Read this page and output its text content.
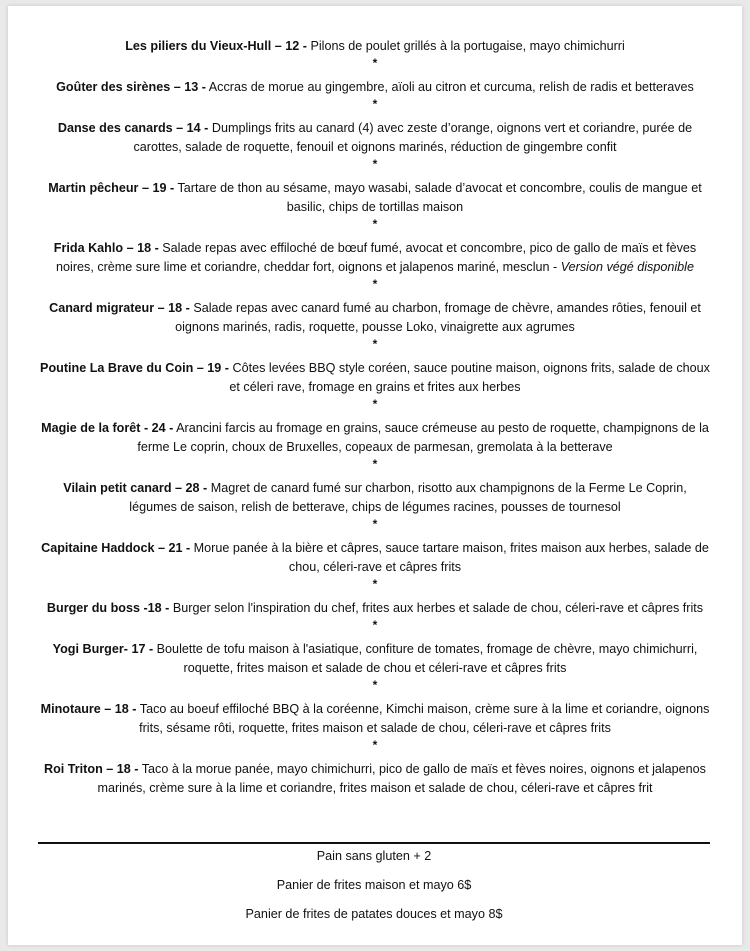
Les piliers du Vieux-Hull – 12 - Pilons de poulet grillés à la portugaise, mayo chimichurri

*

Goûter des sirènes – 13 - Accras de morue au gingembre, aïoli au citron et curcuma, relish de radis et betteraves

*

Danse des canards – 14 - Dumplings frits au canard (4) avec zeste d’orange, oignons vert et coriandre, purée de carottes, salade de roquette, fenouil et oignons marinés, réduction de gingembre confit

*

Martin pêcheur – 19 - Tartare de thon au sésame, mayo wasabi, salade d’avocat et concombre, coulis de mangue et basilic, chips de tortillas maison

*

Frida Kahlo – 18 - Salade repas avec effiloché de bœuf fumé, avocat et concombre, pico de gallo de maïs et fèves noires, crème sure lime et coriandre, cheddar fort, oignons et jalapenos mariné, mesclun - Version végé disponible

*

Canard migrateur – 18 - Salade repas avec canard fumé au charbon, fromage de chèvre, amandes rôties, fenouil et oignons marinés, radis, roquette, pousse Loko, vinaigrette aux agrumes

*

Poutine La Brave du Coin – 19 - Côtes levées BBQ style coréen, sauce poutine maison, oignons frits, salade de choux et céleri rave, fromage en grains et frites aux herbes

*

Magie de la forêt - 24 - Arancini farcis au fromage en grains, sauce crémeuse au pesto de roquette, champignons de la ferme Le coprin, choux de Bruxelles, copeaux de parmesan, gremolata à la betterave

*

Vilain petit canard – 28 - Magret de canard fumé sur charbon, risotto aux champignons de la Ferme Le Coprin, légumes de saison, relish de betterave, chips de légumes racines, pousses de tournesol

*

Capitaine Haddock – 21 - Morue panée à la bière et câpres, sauce tartare maison, frites maison aux herbes, salade de chou, céleri-rave et câpres frits

*

Burger du boss -18 - Burger selon l'inspiration du chef, frites aux herbes et salade de chou, céleri-rave et câpres frits

*

Yogi Burger- 17 - Boulette de tofu maison à l'asiatique, confiture de tomates, fromage de chèvre, mayo chimichurri, roquette, frites maison et salade de chou et céleri-rave et câpres frits

*

Minotaure – 18 - Taco au boeuf effiloché BBQ à la coréenne, Kimchi maison, crème sure à la lime et coriandre, oignons frits, sésame rôti, roquette, frites maison et salade de chou, céleri-rave et câpres frits

*

Roi Triton – 18 - Taco à la morue panée, mayo chimichurri, pico de gallo de maïs et fèves noires, oignons et jalapenos marinés, crème sure à la lime et coriandre, frites maison et salade de chou, céleri-rave et câpres frit

Pain sans gluten + 2
Panier de frites maison et mayo 6$
Panier de frites de patates douces et mayo 8$
